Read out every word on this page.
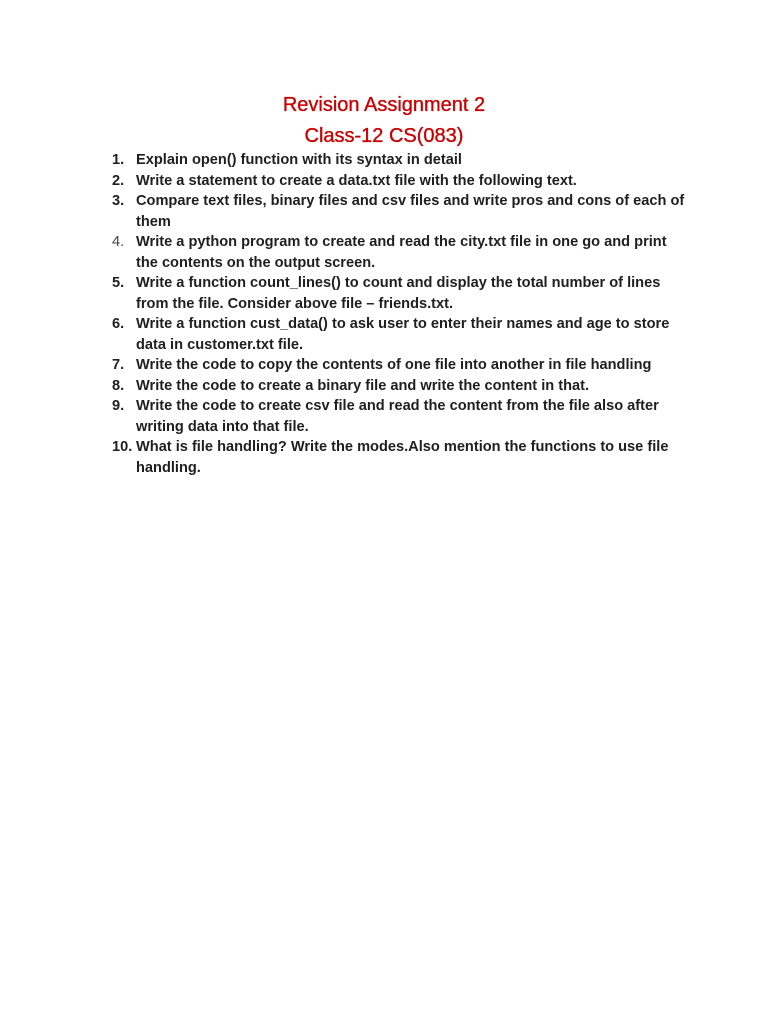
Revision Assignment 2
Class-12 CS(083)
1. Explain open() function with its syntax in detail
2. Write a statement to create a data.txt file with the following text.
3. Compare text files, binary files and csv files and write pros and cons of each of them
4. Write a python program to create and read the city.txt file in one go and print the contents on the output screen.
5. Write a function count_lines() to count and display the total number of lines from the file. Consider above file – friends.txt.
6. Write a function cust_data() to ask user to enter their names and age to store data in customer.txt file.
7. Write the code to copy the contents of one file into another in file handling
8. Write the code to create a binary file and write the content in that.
9. Write the code to create csv file and read the content from the file also after writing data into that file.
10. What is file handling? Write the modes.Also mention the functions to use file handling.
